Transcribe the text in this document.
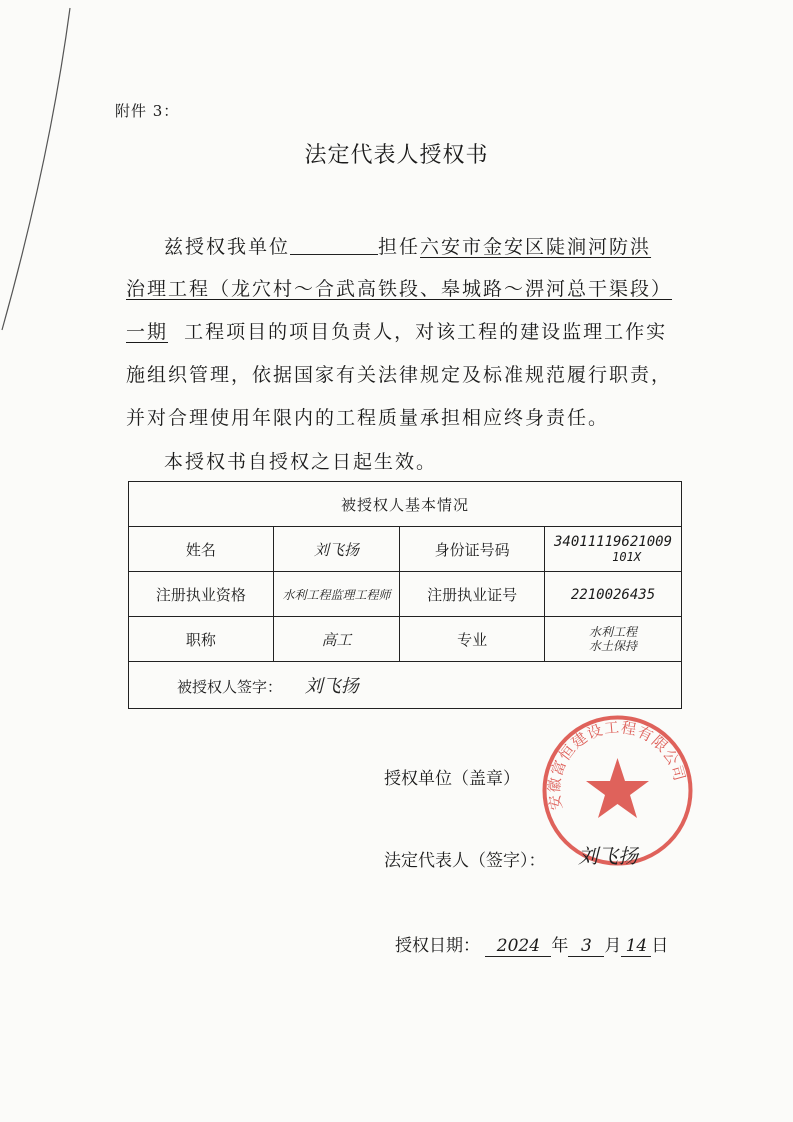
附件 3：
法定代表人授权书
兹授权我单位	担任六安市金安区陡涧河防洪
治理工程（龙穴村～合武高铁段、皋城路～淠河总干渠段）
一期 工程项目的项目负责人，对该工程的建设监理工作实
施组织管理，依据国家有关法律规定及标准规范履行职责，
并对合理使用年限内的工程质量承担相应终身责任。
本授权书自授权之日起生效。
被授权人基本情况			
姓名	刘飞扬	身份证号码	34011119621009
101X

注册执业资格	水利工程监理工程师	注册执业证号	2210026435
职称	高工	专业	水利工程
水土保持

被授权人签字： 刘飞扬			
授权单位（盖章）
安徽富恒建设工程有限公司
法定代表人（签字）： 刘飞扬
授权日期： 2024 年 3 月 14 日
